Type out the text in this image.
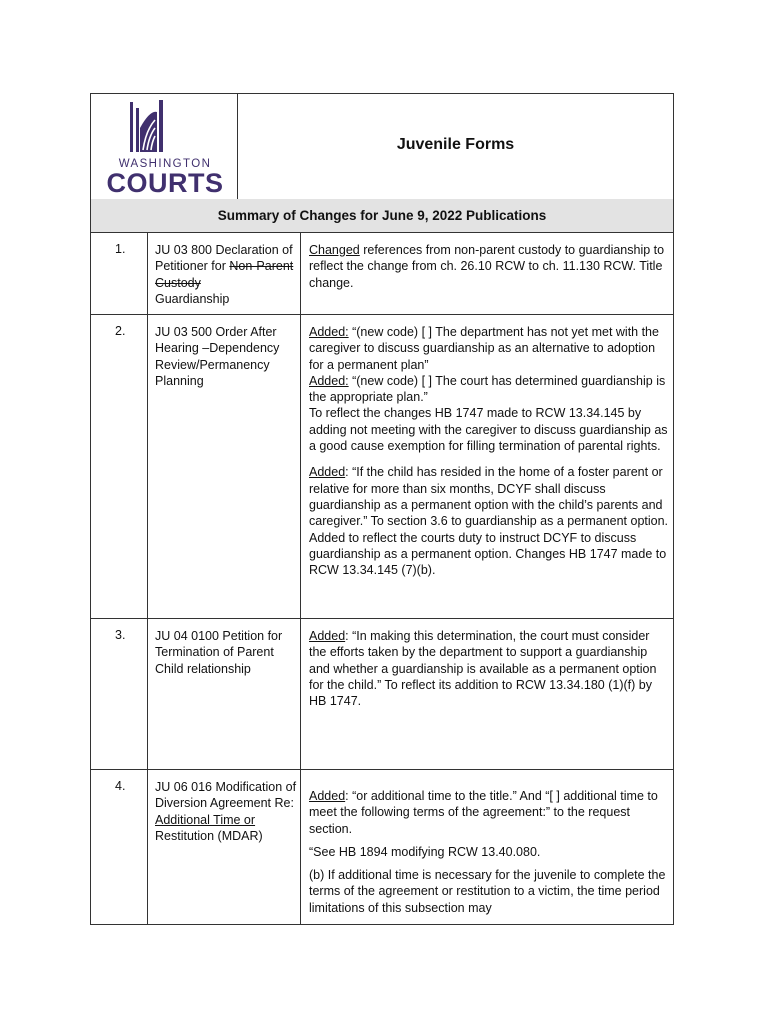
WASHINGTON
COURTS
Juvenile Forms
Summary of Changes for June 9, 2022 Publications
1. JU 03 800 Declaration of Petitioner for Non-Parent Custody
Guardianship

Changed references from non-parent custody to guardianship to reflect the change from ch. 26.10 RCW to ch. 11.130 RCW. Title change.

2. JU 03 500 Order After Hearing –Dependency Review/Permanency Planning

Added: “(new code) [ ] The department has not yet met with the caregiver to discuss guardianship as an alternative to adoption for a permanent plan”

Added: “(new code) [ ] The court has determined guardianship is the appropriate plan.”

To reflect the changes HB 1747 made to RCW 13.34.145 by adding not meeting with the caregiver to discuss guardianship as a good cause exemption for filling termination of parental rights.

Added: “If the child has resided in the home of a foster parent or relative for more than six months, DCYF shall discuss guardianship as a permanent option with the child’s parents and caregiver.” To section 3.6 to guardianship as a permanent option. Added to reflect the courts duty to instruct DCYF to discuss guardianship as a permanent option. Changes HB 1747 made to RCW 13.34.145 (7)(b).

3. JU 04 0100 Petition for Termination of Parent Child relationship

Added: “In making this determination, the court must consider the efforts taken by the department to support a guardianship and whether a guardianship is available as a permanent option for the child.” To reflect its addition to RCW 13.34.180 (1)(f) by HB 1747.

4. JU 06 016 Modification of Diversion Agreement Re: Additional Time or
Restitution (MDAR)

Added: “or additional time to the title.” And “[ ] additional time to meet the following terms of the agreement:” to the request section.

“See HB 1894 modifying RCW 13.40.080.

(b) If additional time is necessary for the juvenile to complete the terms of the agreement or restitution to a victim, the time period limitations of this subsection may
